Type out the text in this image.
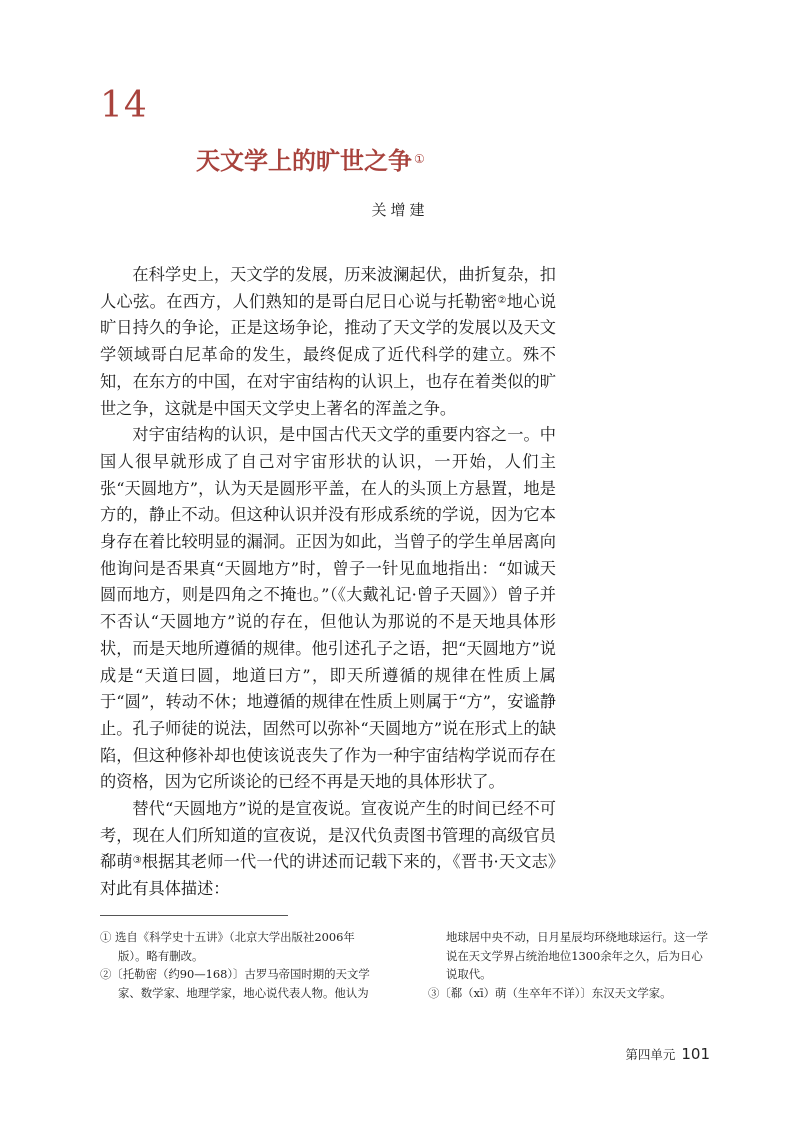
14
天文学上的旷世之争 ①
关增建

在科学史上，天文学的发展，历来波澜起伏，曲折复杂，扣人心弦。在西方，人们熟知的是哥白尼日心说与托勒密②地心说旷日持久的争论，正是这场争论，推动了天文学的发展以及天文学领域哥白尼革命的发生，最终促成了近代科学的建立。殊不知，在东方的中国，在对宇宙结构的认识上，也存在着类似的旷世之争，这就是中国天文学史上著名的浑盖之争。

对宇宙结构的认识，是中国古代天文学的重要内容之一。中国人很早就形成了自己对宇宙形状的认识，一开始，人们主张“天圆地方”，认为天是圆形平盖，在人的头顶上方悬置，地是方的，静止不动。但这种认识并没有形成系统的学说，因为它本身存在着比较明显的漏洞。正因为如此，当曾子的学生单居离向他询问是否果真“天圆地方”时，曾子一针见血地指出：“如诚天圆而地方，则是四角之不掩也。”（《大戴礼记·曾子天圆》）曾子并不否认“天圆地方”说的存在，但他认为那说的不是天地具体形状，而是天地所遵循的规律。他引述孔子之语，把“天圆地方”说成是“天道曰圆，地道曰方”，即天所遵循的规律在性质上属于“圆”，转动不休；地遵循的规律在性质上则属于“方”，安谧静止。孔子师徒的说法，固然可以弥补“天圆地方”说在形式上的缺陷，但这种修补却也使该说丧失了作为一种宇宙结构学说而存在的资格，因为它所谈论的已经不再是天地的具体形状了。

替代“天圆地方”说的是宣夜说。宣夜说产生的时间已经不可考，现在人们所知道的宣夜说，是汉代负责图书管理的高级官员郗萌③根据其老师一代一代的讲述而记载下来的，《晋书·天文志》对此有具体描述：

① 选自《科学史十五讲》（北京大学出版社2006年

版）。略有删改。

②〔托勒密（约90—168）〕古罗马帝国时期的天文学

家、数学家、地理学家，地心说代表人物。他认为

地球居中央不动，日月星辰均环绕地球运行。这一学说在天文学界占统治地位1300余年之久，后为日心说取代。

③〔郗（xī）萌（生卒年不详）〕东汉天文学家。

第四单元 101
